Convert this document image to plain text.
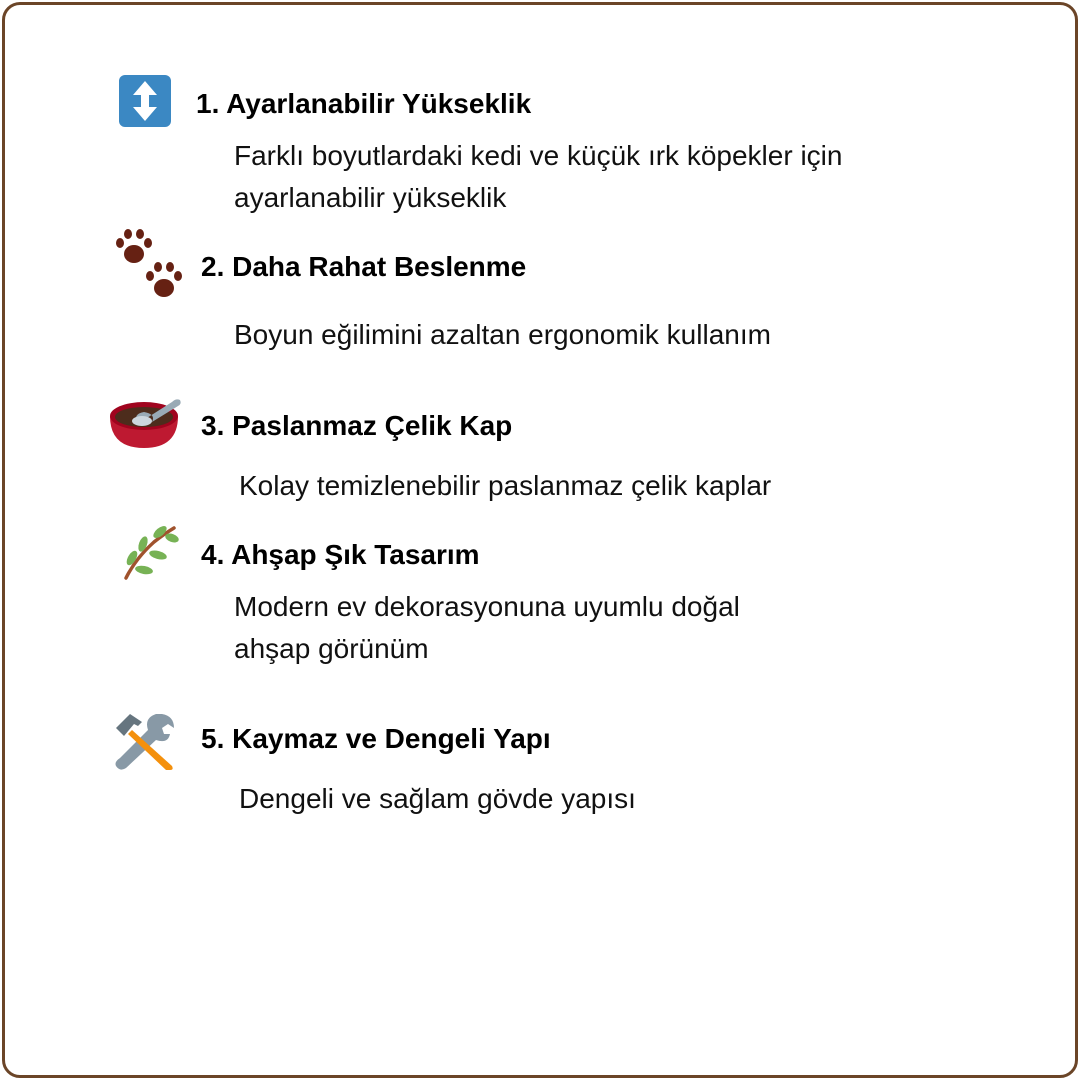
1. Ayarlanabilir Yükseklik
Farklı boyutlardaki kedi ve küçük ırk köpekler için
ayarlanabilir yükseklik
2. Daha Rahat Beslenme
Boyun eğilimini azaltan ergonomik kullanım
3. Paslanmaz Çelik Kap
Kolay temizlenebilir paslanmaz çelik kaplar
4. Ahşap Şık Tasarım
Modern ev dekorasyonuna uyumlu doğal
ahşap görünüm
5. Kaymaz ve Dengeli Yapı
Dengeli ve sağlam gövde yapısı
